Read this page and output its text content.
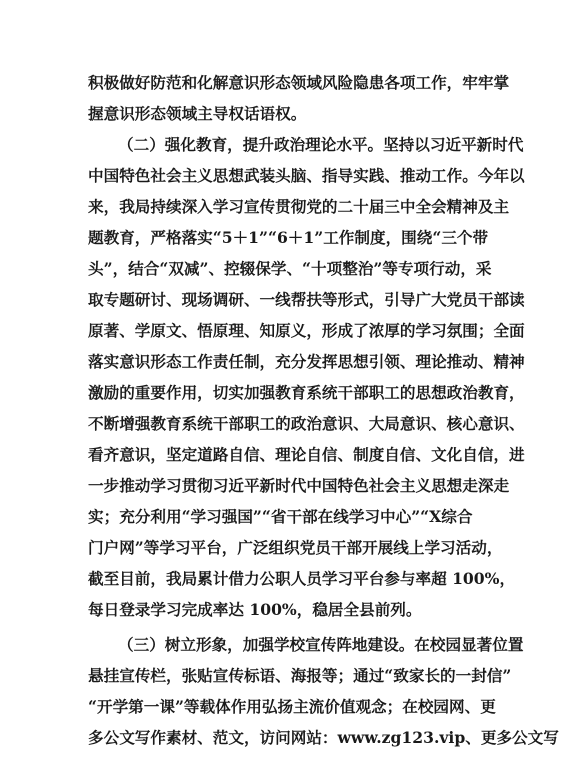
积极做好防范和化解意识形态领域风险隐患各项工作，牢牢掌
握意识形态领域主导权话语权。
（二）强化教育，提升政治理论水平。坚持以习近平新时代
中国特色社会主义思想武装头脑、指导实践、推动工作。今年以
来，我局持续深入学习宣传贯彻党的二十届三中全会精神及主
题教育，严格落实“5＋1”“6＋1”工作制度，围绕“三个带
头”，结合“双减”、控辍保学、“十项整治”等专项行动，采
取专题研讨、现场调研、一线帮扶等形式，引导广大党员干部读
原著、学原文、悟原理、知原义，形成了浓厚的学习氛围；全面
落实意识形态工作责任制，充分发挥思想引领、理论推动、精神
激励的重要作用，切实加强教育系统干部职工的思想政治教育，
不断增强教育系统干部职工的政治意识、大局意识、核心意识、
看齐意识，坚定道路自信、理论自信、制度自信、文化自信，进
一步推动学习贯彻习近平新时代中国特色社会主义思想走深走
实；充分利用“学习强国”“省干部在线学习中心”“X综合
门户网”等学习平台，广泛组织党员干部开展线上学习活动，
截至目前，我局累计借力公职人员学习平台参与率超 100%，
每日登录学习完成率达 100%，稳居全县前列。
（三）树立形象，加强学校宣传阵地建设。在校园显著位置
悬挂宣传栏，张贴宣传标语、海报等；通过“致家长的一封信”
“开学第一课”等载体作用弘扬主流价值观念；在校园网、更
多公文写作素材、范文，访问网站：www.zg123.vip、更多公文写
